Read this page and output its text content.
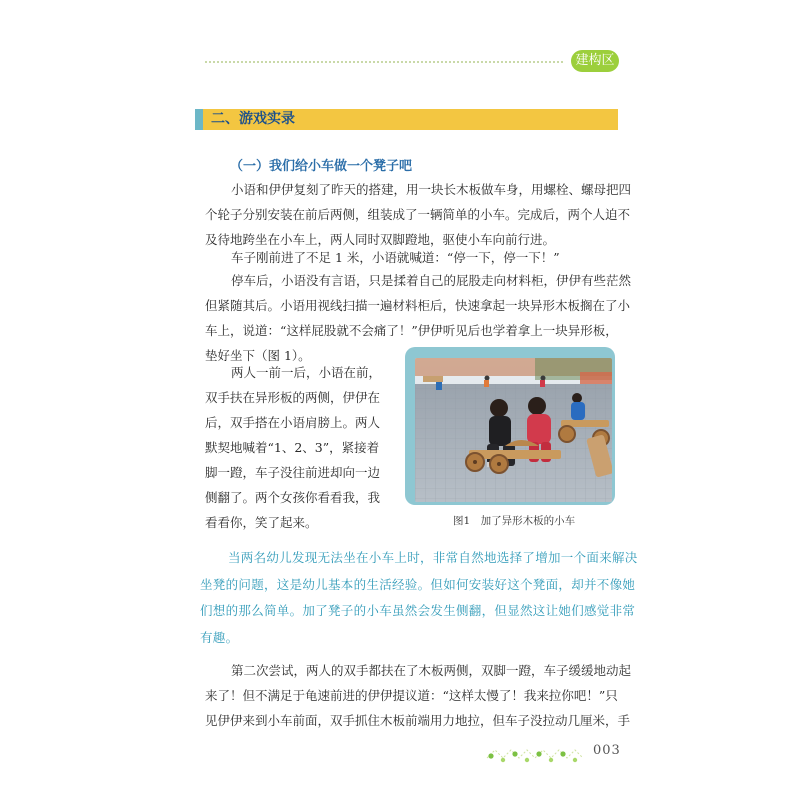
建构区
二、游戏实录
（一）我们给小车做一个凳子吧
小语和伊伊复刻了昨天的搭建，用一块长木板做车身，用螺栓、螺母把四
个轮子分别安装在前后两侧，组装成了一辆简单的小车。完成后，两个人迫不
及待地跨坐在小车上，两人同时双脚蹬地，驱使小车向前行进。
车子刚前进了不足 1 米，小语就喊道：“停一下，停一下！”
停车后，小语没有言语，只是揉着自己的屁股走向材料柜，伊伊有些茫然
但紧随其后。小语用视线扫描一遍材料柜后，快速拿起一块异形木板搁在了小
车上，说道：“这样屁股就不会痛了！”伊伊听见后也学着拿上一块异形板，
垫好坐下（图 1）。
两人一前一后，小语在前，
双手扶在异形板的两侧，伊伊在
后，双手搭在小语肩膀上。两人
默契地喊着“1、2、3”，紧接着
脚一蹬，车子没往前进却向一边
侧翻了。两个女孩你看看我，我
看看你，笑了起来。	图1　加了异形木板的小车
当两名幼儿发现无法坐在小车上时，非常自然地选择了增加一个面来解决
坐凳的问题，这是幼儿基本的生活经验。但如何安装好这个凳面，却并不像她
们想的那么简单。加了凳子的小车虽然会发生侧翻，但显然这让她们感觉非常
有趣。
第二次尝试，两人的双手都扶在了木板两侧，双脚一蹬，车子缓缓地动起
来了！但不满足于龟速前进的伊伊提议道：“这样太慢了！我来拉你吧！”只
见伊伊来到小车前面，双手抓住木板前端用力地拉，但车子没拉动几厘米，手
003
